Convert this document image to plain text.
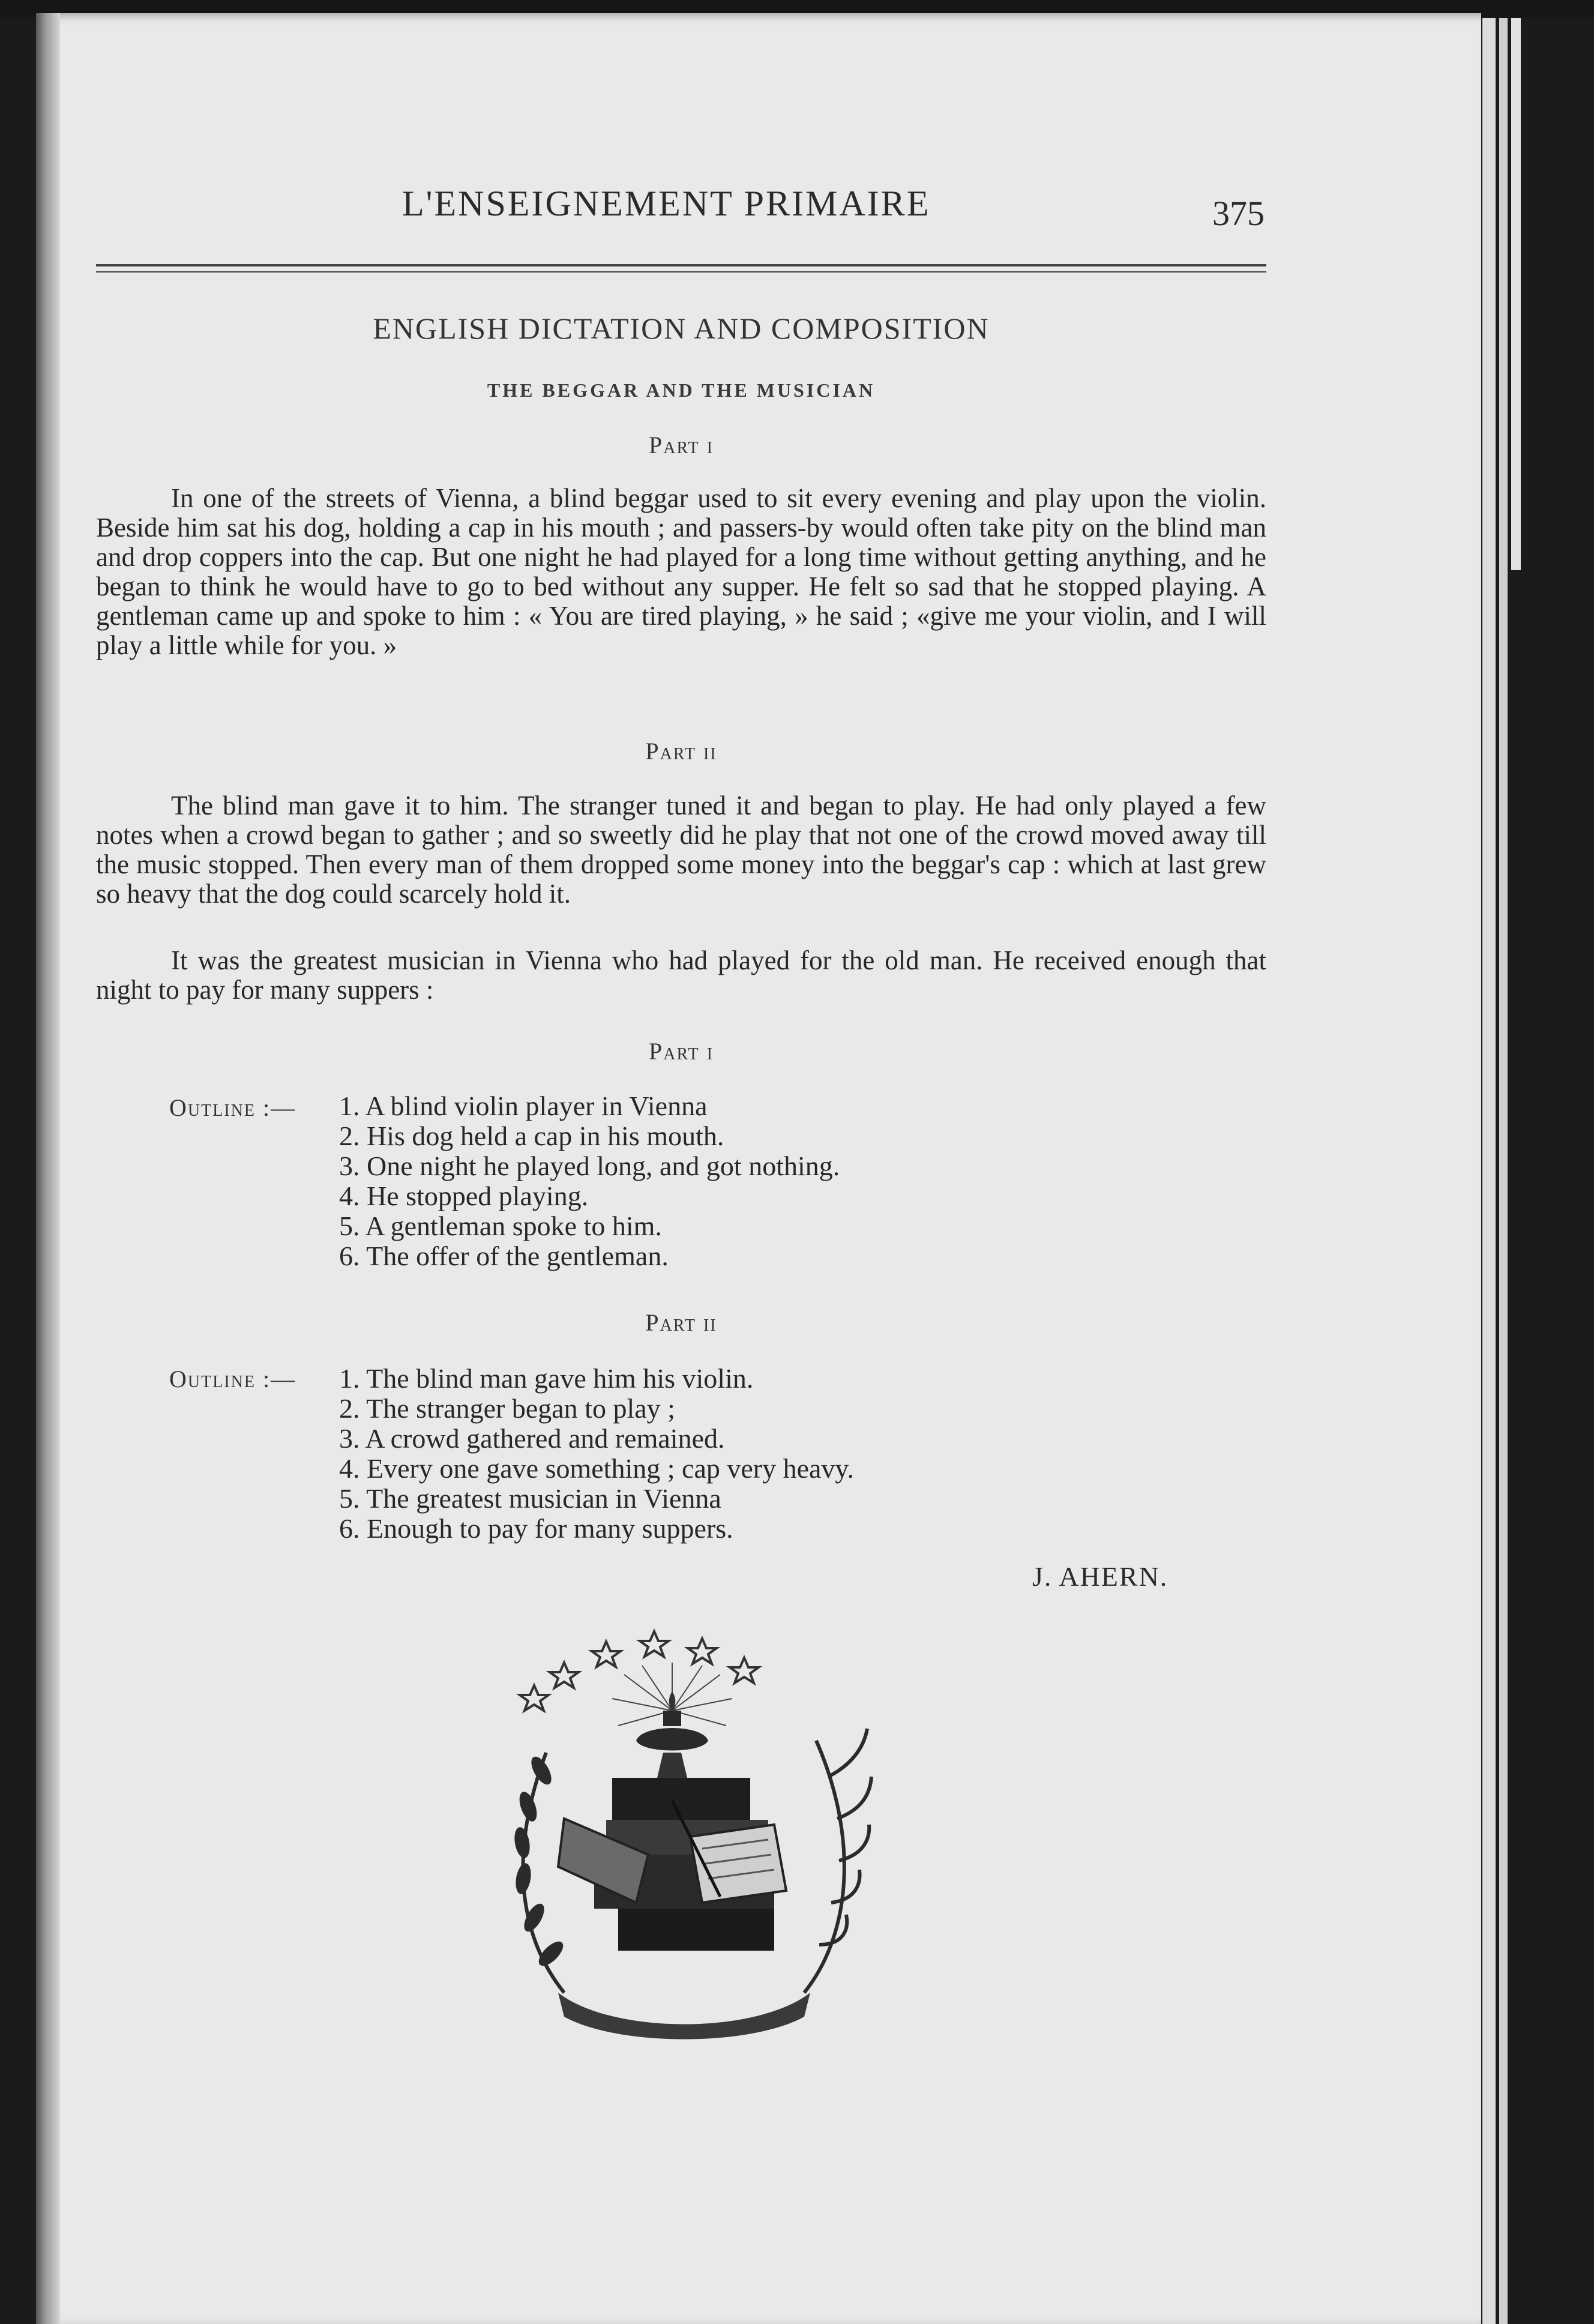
L'ENSEIGNEMENT PRIMAIRE	375
ENGLISH DICTATION AND COMPOSITION
THE BEGGAR AND THE MUSICIAN
Part i

In one of the streets of Vienna, a blind beggar used to sit every evening and play upon the violin. Beside him sat his dog, holding a cap in his mouth ; and passers-by would often take pity on the blind man and drop coppers into the cap. But one night he had played for a long time without getting anything, and he began to think he would have to go to bed without any supper. He felt so sad that he stopped playing. A gentleman came up and spoke to him : « You are tired playing, » he said ; «give me your violin, and I will play a little while for you. »

Part ii

The blind man gave it to him. The stranger tuned it and began to play. He had only played a few notes when a crowd began to gather ; and so sweetly did he play that not one of the crowd moved away till the music stopped. Then every man of them dropped some money into the beggar's cap : which at last grew so heavy that the dog could scarcely hold it.

It was the greatest musician in Vienna who had played for the old man. He received enough that night to pay for many suppers :

Part i
Outline :—	1. A blind violin player in Vienna
2. His dog held a cap in his mouth.
3. One night he played long, and got nothing.
4. He stopped playing.
5. A gentleman spoke to him.
6. The offer of the gentleman.
Part ii
Outline :—	1. The blind man gave him his violin.
2. The stranger began to play ;
3. A crowd gathered and remained.
4. Every one gave something ; cap very heavy.
5. The greatest musician in Vienna
6. Enough to pay for many suppers.
J. AHERN.
